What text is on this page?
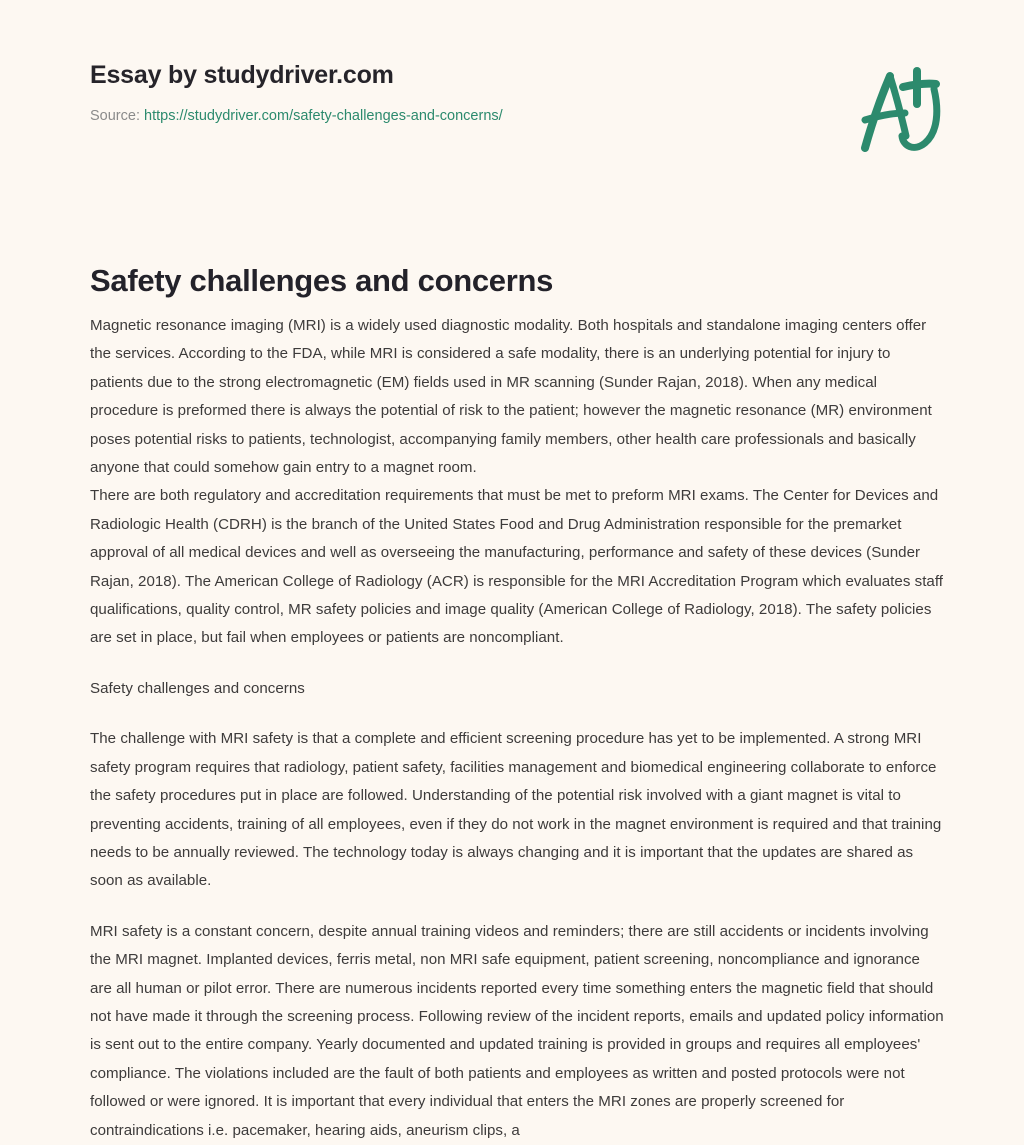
Essay by studydriver.com
Source: https://studydriver.com/safety-challenges-and-concerns/
Safety challenges and concerns

Magnetic resonance imaging (MRI) is a widely used diagnostic modality. Both hospitals and standalone imaging centers offer the services. According to the FDA, while MRI is considered a safe modality, there is an underlying potential for injury to patients due to the strong electromagnetic (EM) fields used in MR scanning (Sunder Rajan, 2018). When any medical procedure is preformed there is always the potential of risk to the patient; however the magnetic resonance (MR) environment poses potential risks to patients, technologist, accompanying family members, other health care professionals and basically anyone that could somehow gain entry to a magnet room.

There are both regulatory and accreditation requirements that must be met to preform MRI exams. The Center for Devices and Radiologic Health (CDRH) is the branch of the United States Food and Drug Administration responsible for the premarket approval of all medical devices and well as overseeing the manufacturing, performance and safety of these devices (Sunder Rajan, 2018). The American College of Radiology (ACR) is responsible for the MRI Accreditation Program which evaluates staff qualifications, quality control, MR safety policies and image quality (American College of Radiology, 2018). The safety policies are set in place, but fail when employees or patients are noncompliant.

Safety challenges and concerns

The challenge with MRI safety is that a complete and efficient screening procedure has yet to be implemented. A strong MRI safety program requires that radiology, patient safety, facilities management and biomedical engineering collaborate to enforce the safety procedures put in place are followed. Understanding of the potential risk involved with a giant magnet is vital to preventing accidents, training of all employees, even if they do not work in the magnet environment is required and that training needs to be annually reviewed. The technology today is always changing and it is important that the updates are shared as soon as available.

MRI safety is a constant concern, despite annual training videos and reminders; there are still accidents or incidents involving the MRI magnet. Implanted devices, ferris metal, non MRI safe equipment, patient screening, noncompliance and ignorance are all human or pilot error. There are numerous incidents reported every time something enters the magnetic field that should not have made it through the screening process. Following review of the incident reports, emails and updated policy information is sent out to the entire company. Yearly documented and updated training is provided in groups and requires all employees' compliance. The violations included are the fault of both patients and employees as written and posted protocols were not followed or were ignored. It is important that every individual that enters the MRI zones are properly screened for contraindications i.e. pacemaker, hearing aids, aneurism clips, a
